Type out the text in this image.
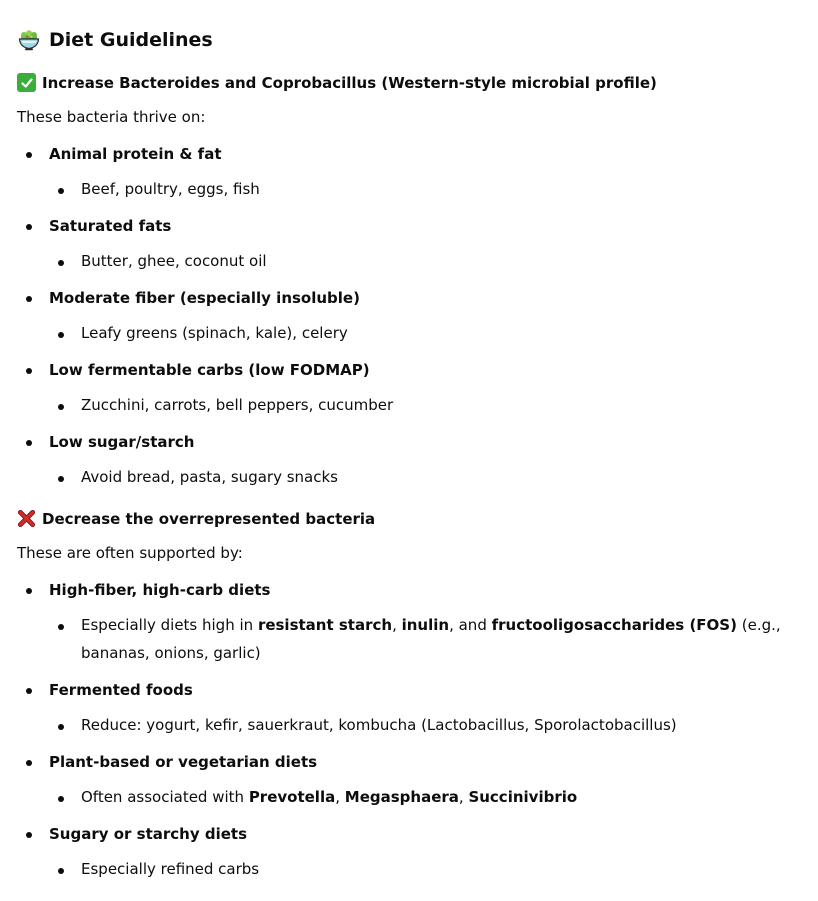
Diet Guidelines
Increase Bacteroides and Coprobacillus (Western-style microbial profile)

These bacteria thrive on:

Animal protein & fat
Beef, poultry, eggs, fish
Saturated fats
Butter, ghee, coconut oil
Moderate fiber (especially insoluble)
Leafy greens (spinach, kale), celery
Low fermentable carbs (low FODMAP)
Zucchini, carrots, bell peppers, cucumber
Low sugar/starch
Avoid bread, pasta, sugary snacks
Decrease the overrepresented bacteria

These are often supported by:

High-fiber, high-carb diets
Especially diets high in resistant starch, inulin, and fructooligosaccharides (FOS) (e.g., bananas, onions, garlic)
Fermented foods
Reduce: yogurt, kefir, sauerkraut, kombucha (Lactobacillus, Sporolactobacillus)
Plant-based or vegetarian diets
Often associated with Prevotella, Megasphaera, Succinivibrio
Sugary or starchy diets
Especially refined carbs
